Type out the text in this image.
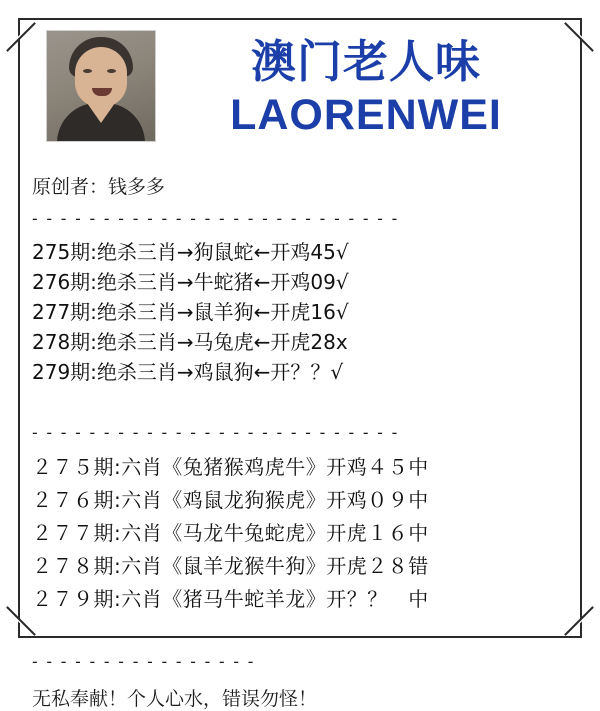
澳门老人味
LAORENWEI
原创者：钱多多
- - - - - - - - - - - - - - - - - - - - - - - - - -
275期:绝杀三肖→狗鼠蛇←开鸡45√
276期:绝杀三肖→牛蛇猪←开鸡09√
277期:绝杀三肖→鼠羊狗←开虎16√
278期:绝杀三肖→马兔虎←开虎28x
279期:绝杀三肖→鸡鼠狗←开？？√
- - - - - - - - - - - - - - - - - - - - - - - - - -
２７５期:六肖《兔猪猴鸡虎牛》开鸡４５中
２７６期:六肖《鸡鼠龙狗猴虎》开鸡０９中
２７７期:六肖《马龙牛兔蛇虎》开虎１６中
２７８期:六肖《鼠羊龙猴牛狗》开虎２８错
２７９期:六肖《猪马牛蛇羊龙》开？？　中
- - - - - - - - - - - - - - - -
无私奉献！个人心水，错误勿怪！
